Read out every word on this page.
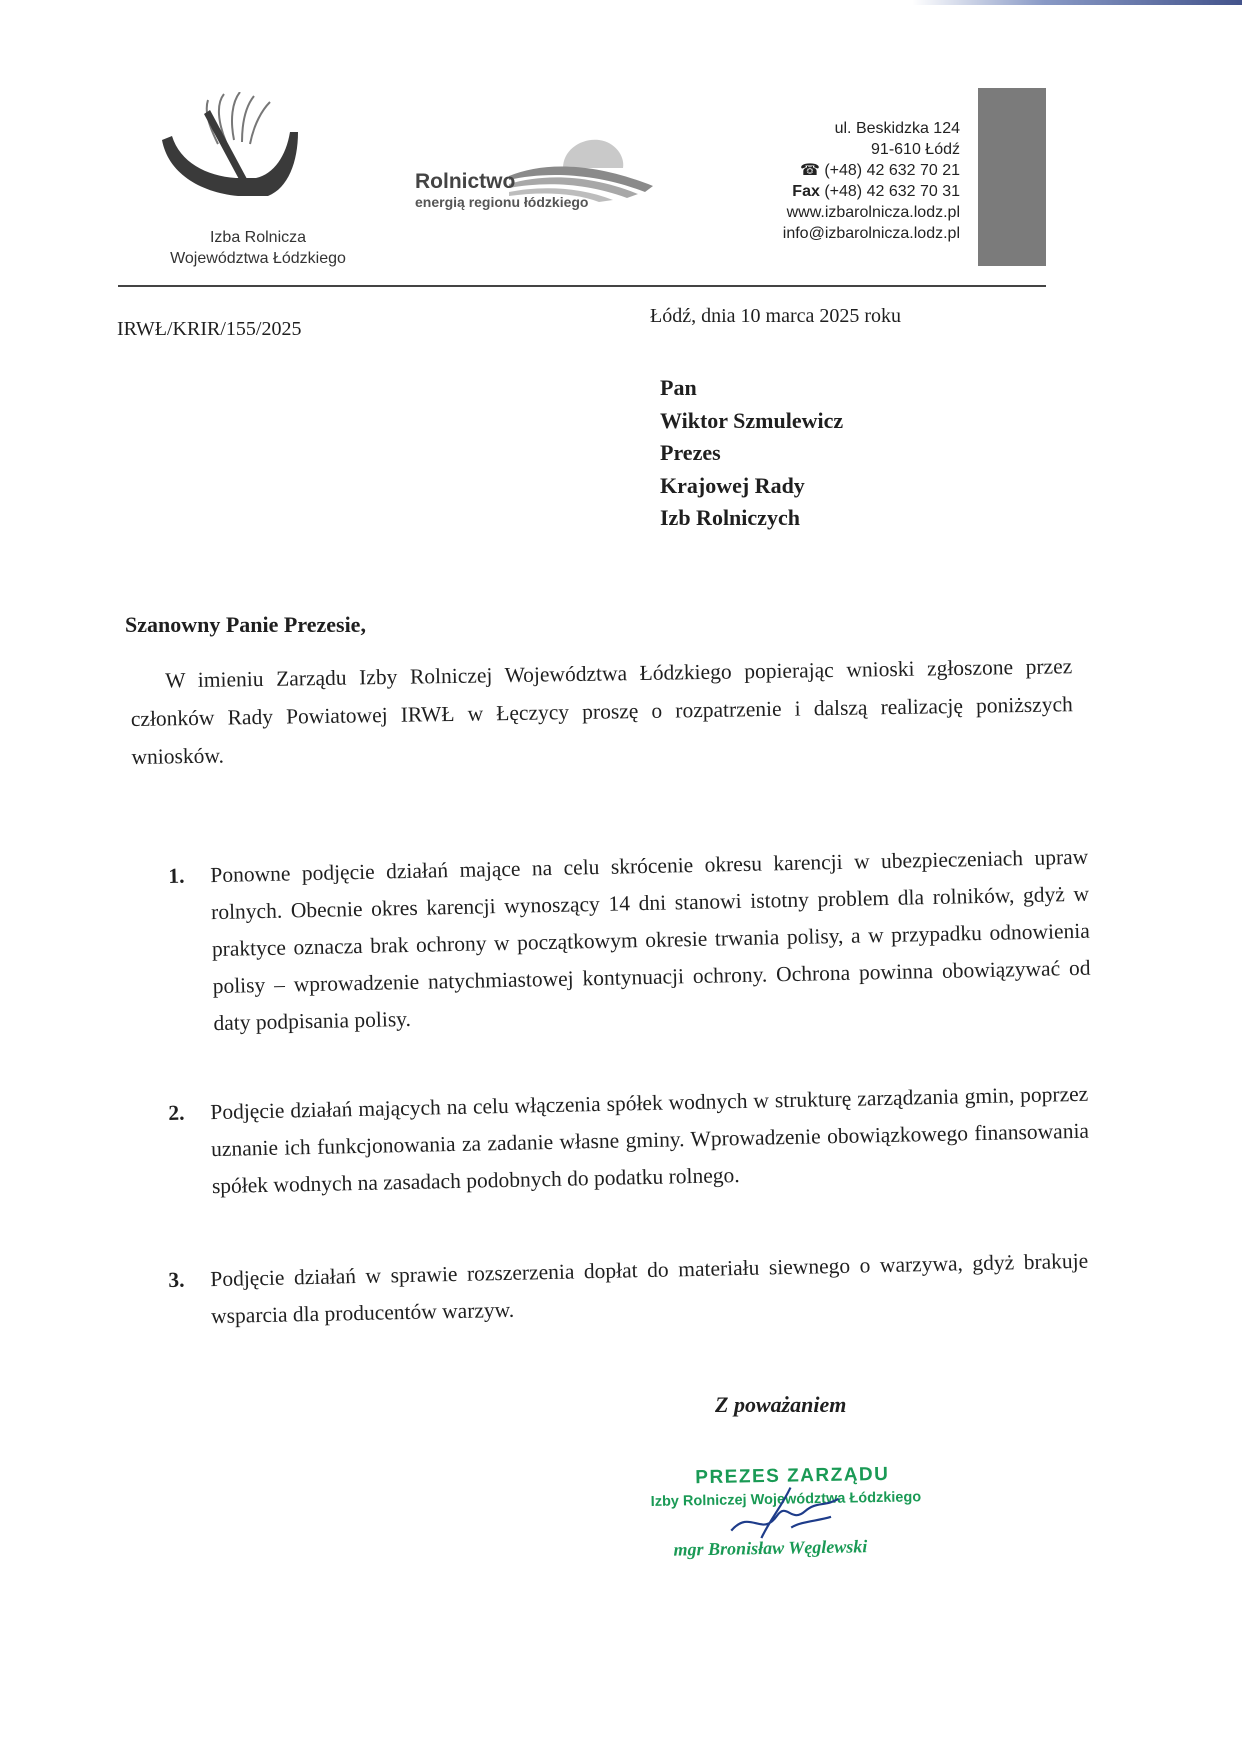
Izba Rolnicza
Województwa Łódzkiego
Rolnictwo
energią regionu łódzkiego
ul. Beskidzka 124
91-610 Łódź
☎ (+48) 42 632 70 21
Fax (+48) 42 632 70 31
www.izbarolnicza.lodz.pl
info@izbarolnicza.lodz.pl
IRWŁ/KRIR/155/2025
Łódź, dnia 10 marca 2025 roku
Pan
Wiktor Szmulewicz
Prezes
Krajowej Rady
Izb Rolniczych
Szanowny Panie Prezesie,

W imieniu Zarządu Izby Rolniczej Województwa Łódzkiego popierając wnioski zgłoszone przez członków Rady Powiatowej IRWŁ w Łęczycy proszę o rozpatrzenie i dalszą realizację poniższych wniosków.

1. Ponowne podjęcie działań mające na celu skrócenie okresu karencji w ubezpieczeniach upraw rolnych. Obecnie okres karencji wynoszący 14 dni stanowi istotny problem dla rolników, gdyż w praktyce oznacza brak ochrony w początkowym okresie trwania polisy, a w przypadku odnowienia polisy – wprowadzenie natychmiastowej kontynuacji ochrony. Ochrona powinna obowiązywać od daty podpisania polisy.
2. Podjęcie działań mających na celu włączenia spółek wodnych w strukturę zarządzania gmin, poprzez uznanie ich funkcjonowania za zadanie własne gminy. Wprowadzenie obowiązkowego finansowania spółek wodnych na zasadach podobnych do podatku rolnego.
3. Podjęcie działań w sprawie rozszerzenia dopłat do materiału siewnego o warzywa, gdyż brakuje wsparcia dla producentów warzyw.
Z poważaniem
PREZES ZARZĄDU
Izby Rolniczej Województwa Łódzkiego
mgr Bronisław Węglewski
